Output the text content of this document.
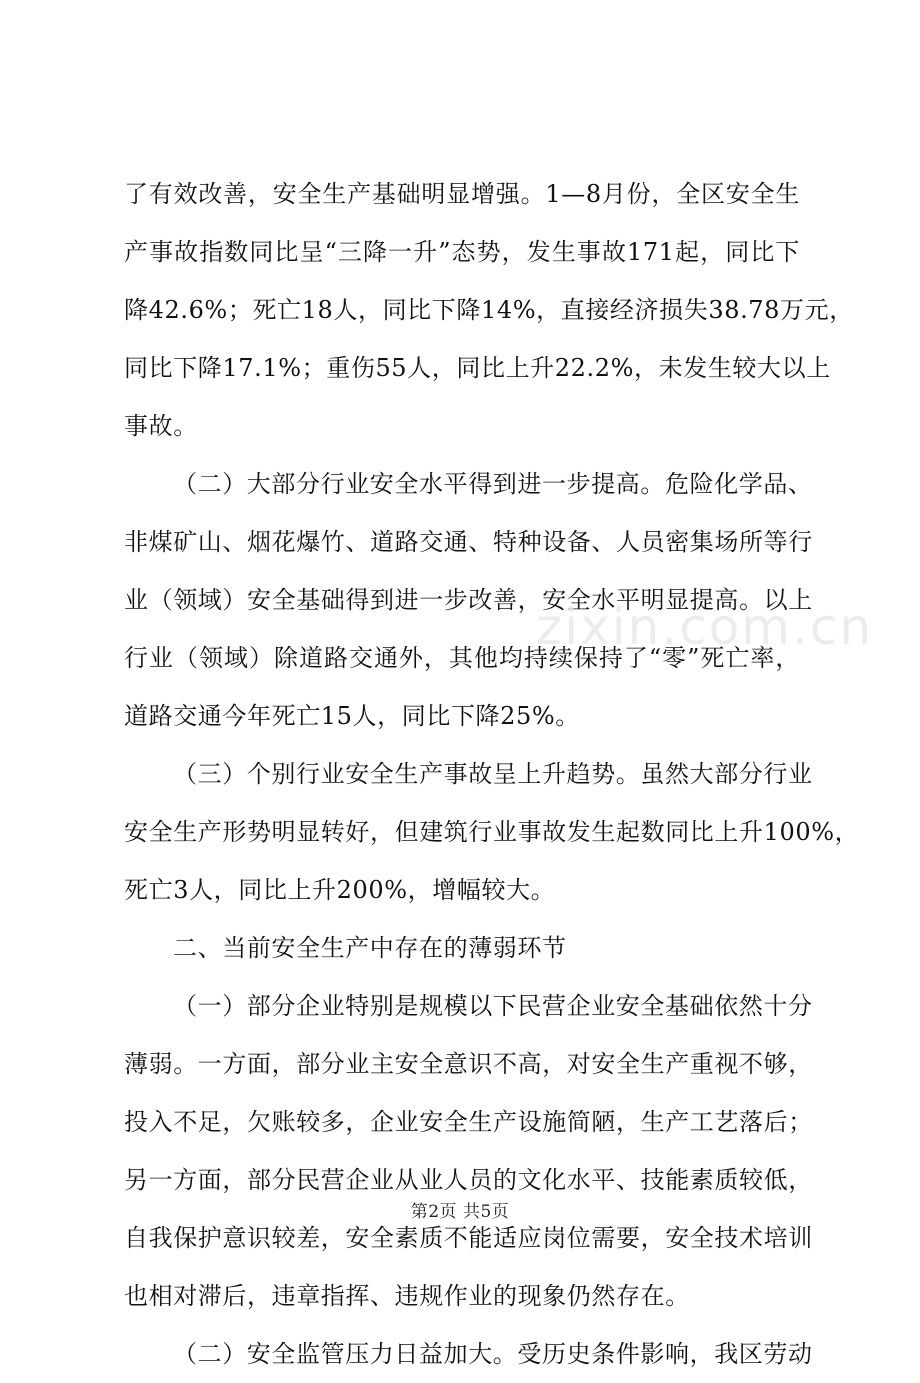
了有效改善，安全生产基础明显增强。1—8月份，全区安全生
产事故指数同比呈“三降一升”态势，发生事故171起，同比下
降42.6%；死亡18人，同比下降14%，直接经济损失38.78万元，
同比下降17.1%；重伤55人，同比上升22.2%，未发生较大以上
事故。
（二）大部分行业安全水平得到进一步提高。危险化学品、
非煤矿山、烟花爆竹、道路交通、特种设备、人员密集场所等行
业（领域）安全基础得到进一步改善，安全水平明显提高。以上
行业（领域）除道路交通外，其他均持续保持了“零”死亡率，
道路交通今年死亡15人，同比下降25%。
（三）个别行业安全生产事故呈上升趋势。虽然大部分行业
安全生产形势明显转好，但建筑行业事故发生起数同比上升100%，
死亡3人，同比上升200%，增幅较大。
二、当前安全生产中存在的薄弱环节
（一）部分企业特别是规模以下民营企业安全基础依然十分
薄弱。一方面，部分业主安全意识不高，对安全生产重视不够，
投入不足，欠账较多，企业安全生产设施简陋，生产工艺落后；
另一方面，部分民营企业从业人员的文化水平、技能素质较低，
自我保护意识较差，安全素质不能适应岗位需要，安全技术培训
也相对滞后，违章指挥、违规作业的现象仍然存在。
（二）安全监管压力日益加大。受历史条件影响，我区劳动
zixin.com.cn
第2页 共5页
